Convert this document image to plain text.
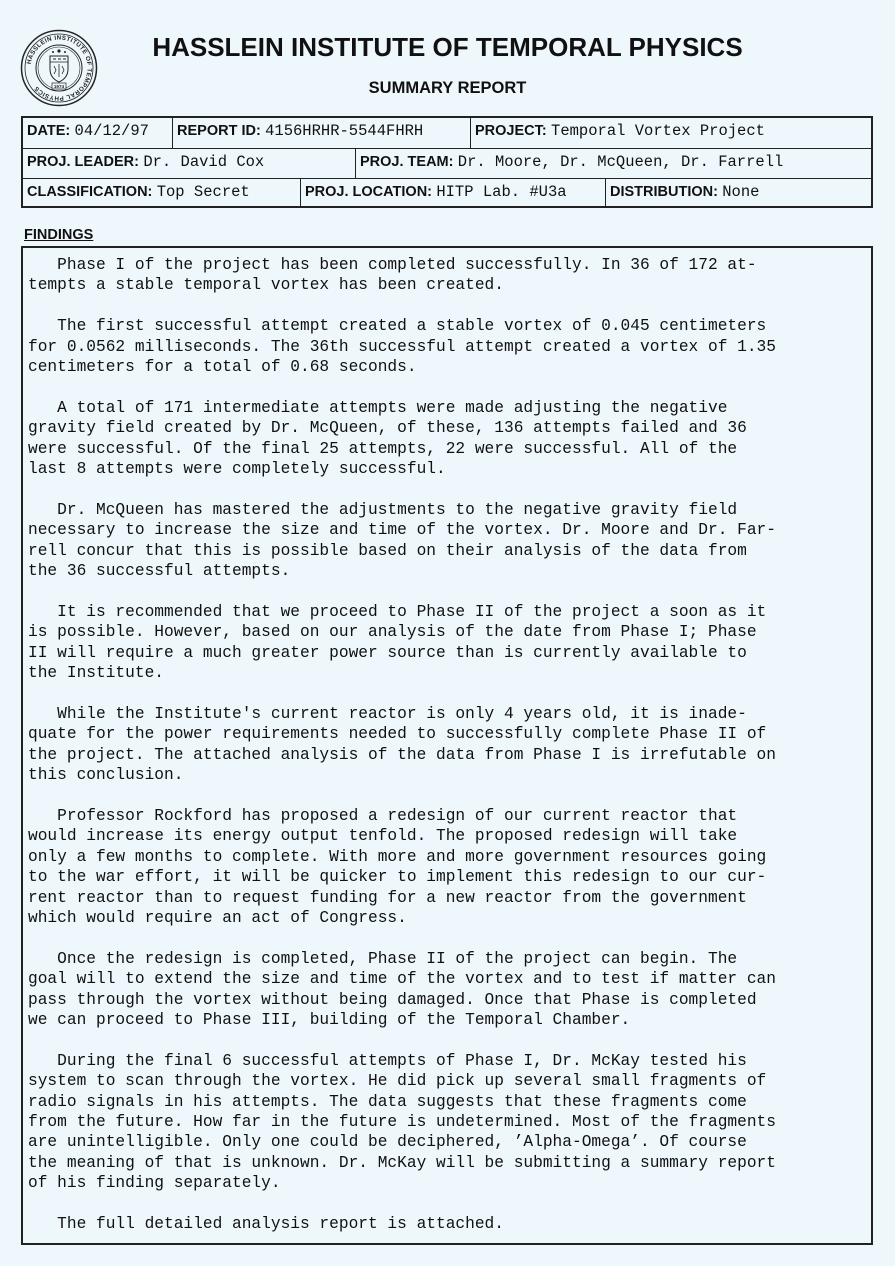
HASSLEIN INSTITUTE OF TEMPORAL PHYSICS	1974
HASSLEIN INSTITUTE OF TEMPORAL PHYSICS
SUMMARY REPORT
DATE: 04/12/97	REPORT ID: 4156HRHR-5544FHRH	PROJECT: Temporal Vortex Project
PROJ. LEADER: Dr. David Cox	PROJ. TEAM: Dr. Moore, Dr. McQueen, Dr. Farrell
CLASSIFICATION: Top Secret	PROJ. LOCATION: HITP Lab. #U3a	DISTRIBUTION: None
FINDINGS

Phase I of the project has been completed successfully. In 36 of 172 at-
tempts a stable temporal vortex has been created.

The first successful attempt created a stable vortex of 0.045 centimeters
for 0.0562 milliseconds. The 36th successful attempt created a vortex of 1.35
centimeters for a total of 0.68 seconds.

A total of 171 intermediate attempts were made adjusting the negative
gravity field created by Dr. McQueen, of these, 136 attempts failed and 36
were successful. Of the final 25 attempts, 22 were successful. All of the
last 8 attempts were completely successful.

Dr. McQueen has mastered the adjustments to the negative gravity field
necessary to increase the size and time of the vortex. Dr. Moore and Dr. Far-
rell concur that this is possible based on their analysis of the data from
the 36 successful attempts.

It is recommended that we proceed to Phase II of the project a soon as it
is possible. However, based on our analysis of the date from Phase I; Phase
II will require a much greater power source than is currently available to
the Institute.

While the Institute's current reactor is only 4 years old, it is inade-
quate for the power requirements needed to successfully complete Phase II of
the project. The attached analysis of the data from Phase I is irrefutable on
this conclusion.

Professor Rockford has proposed a redesign of our current reactor that
would increase its energy output tenfold. The proposed redesign will take
only a few months to complete. With more and more government resources going
to the war effort, it will be quicker to implement this redesign to our cur-
rent reactor than to request funding for a new reactor from the government
which would require an act of Congress.

Once the redesign is completed, Phase II of the project can begin. The
goal will to extend the size and time of the vortex and to test if matter can
pass through the vortex without being damaged. Once that Phase is completed
we can proceed to Phase III, building of the Temporal Chamber.

During the final 6 successful attempts of Phase I, Dr. McKay tested his
system to scan through the vortex. He did pick up several small fragments of
radio signals in his attempts. The data suggests that these fragments come
from the future. How far in the future is undetermined. Most of the fragments
are unintelligible. Only one could be deciphered, ’Alpha-Omega’. Of course
the meaning of that is unknown. Dr. McKay will be submitting a summary report
of his finding separately.

The full detailed analysis report is attached.
